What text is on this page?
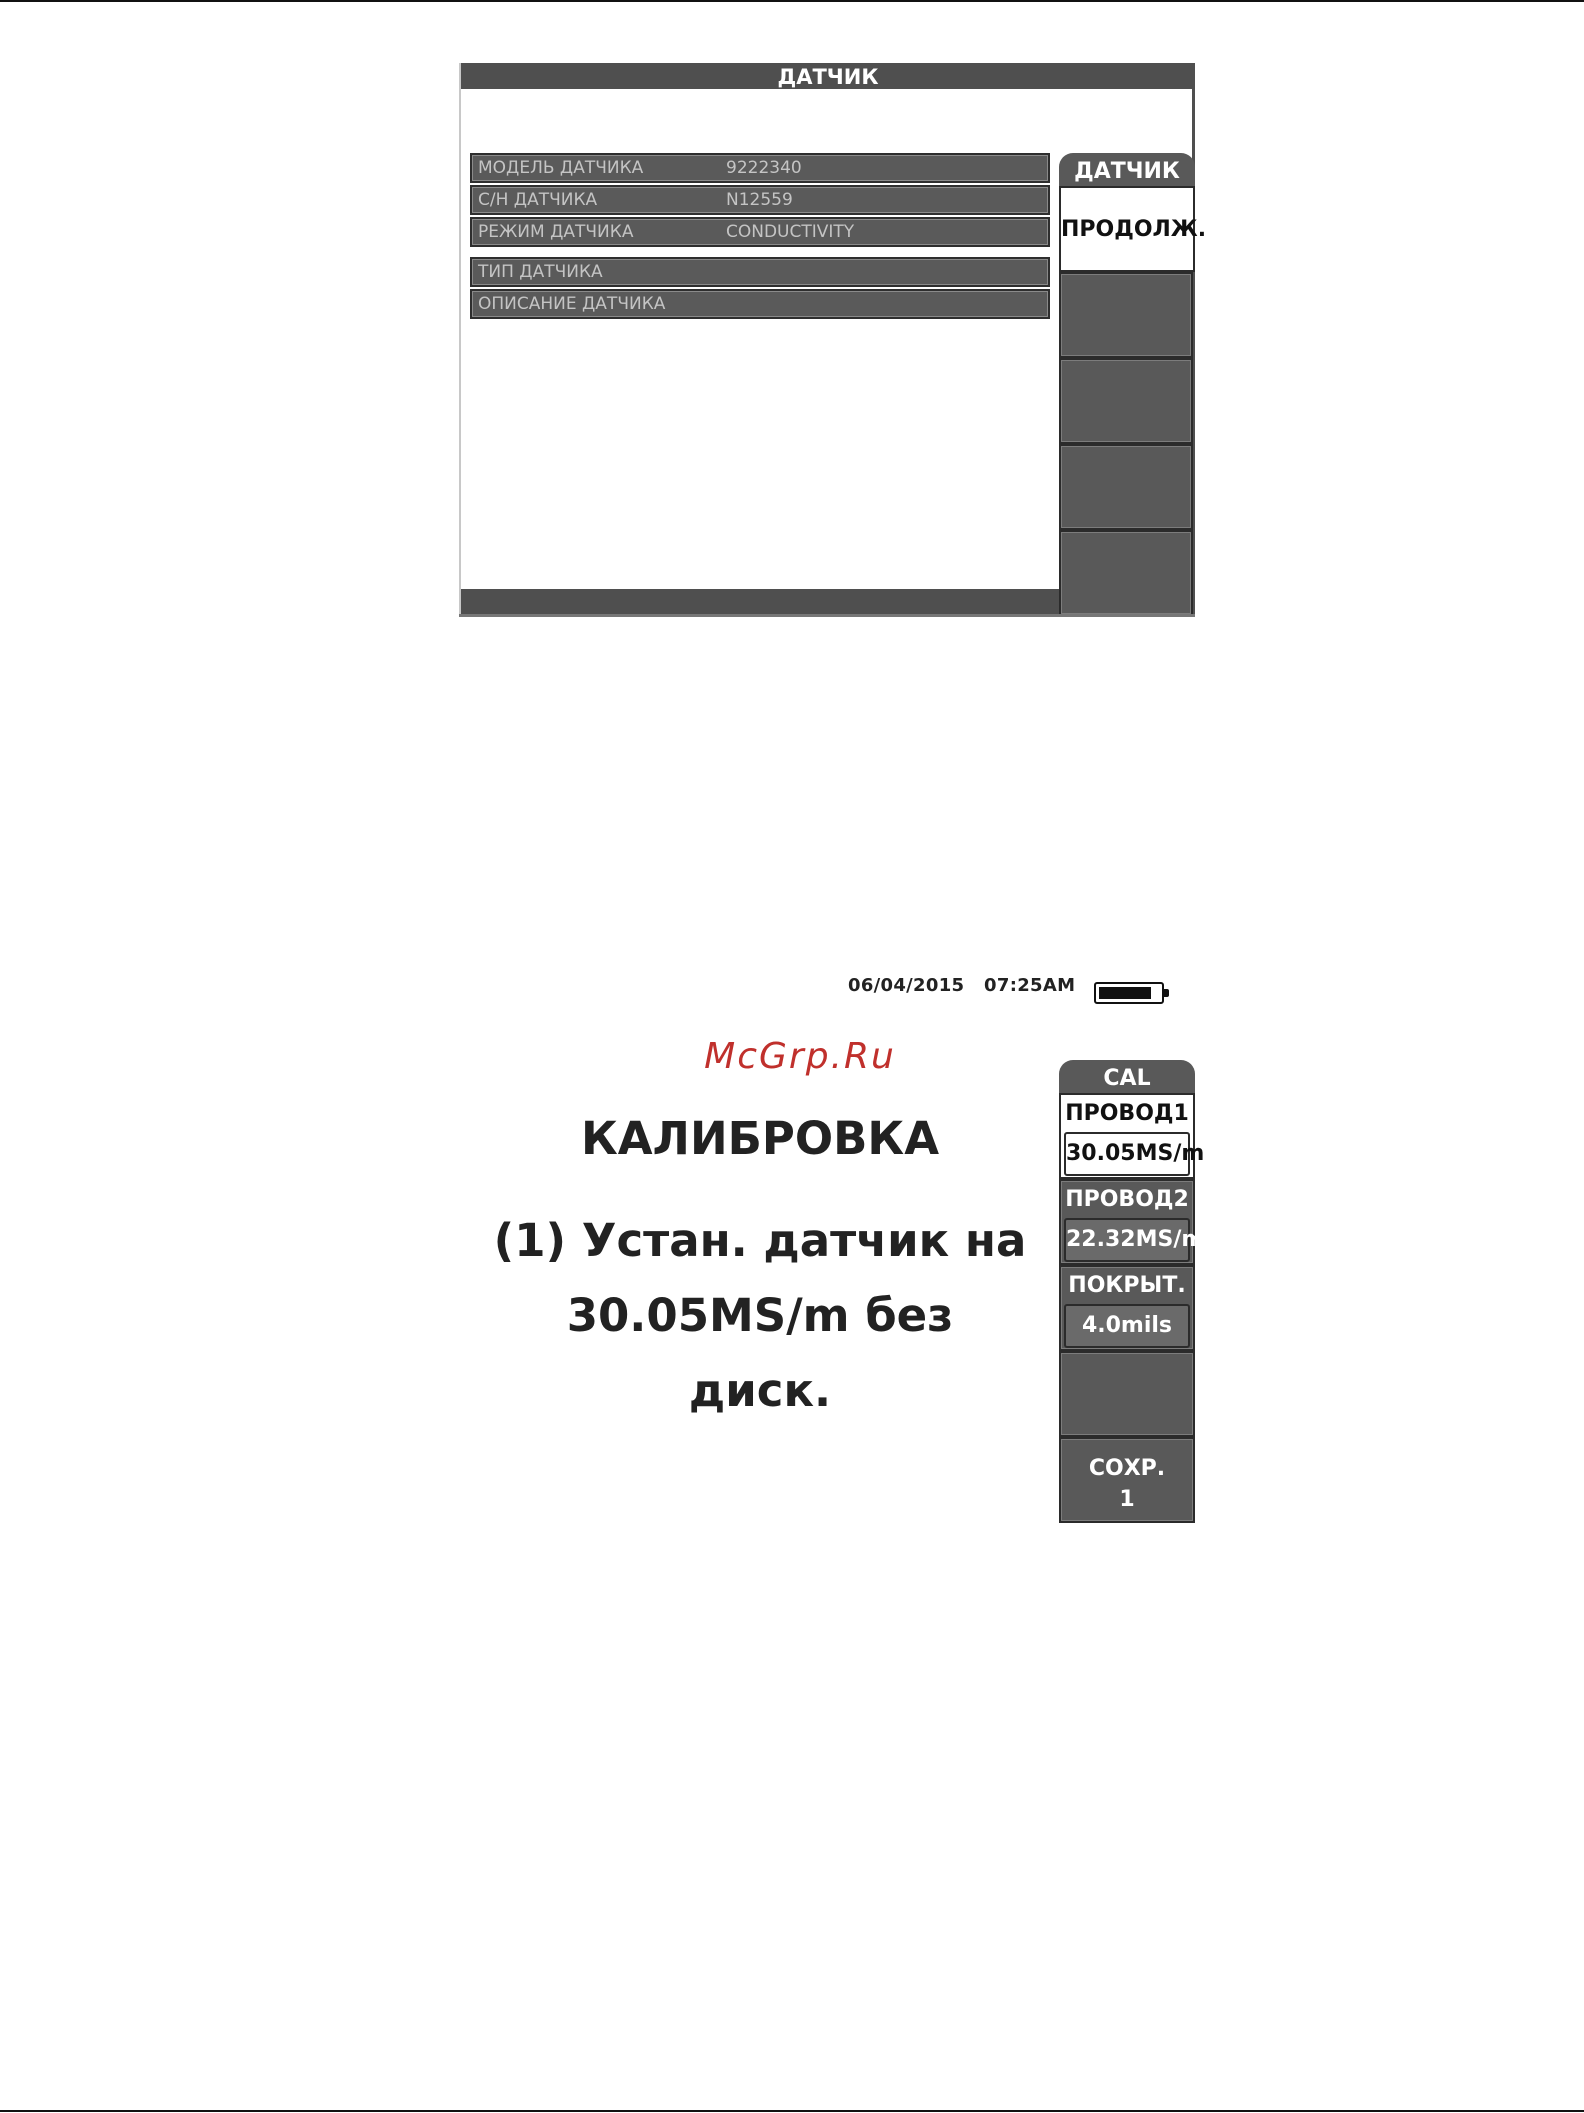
ДАТЧИК
МОДЕЛЬ ДАТЧИКА	9222340
С/Н ДАТЧИКА	N12559
РЕЖИМ ДАТЧИКА	CONDUCTIVITY
ТИП ДАТЧИКА
ОПИСАНИЕ ДАТЧИКА
ДАТЧИК
ПРОДОЛЖ.
06/04/2015 07:25AM
McGrp.Ru
КАЛИБРОВКА
(1) Устан. датчик на
30.05MS/m без
диск.
CAL
ПРОВОД1
30.05MS/m
ПРОВОД2
22.32MS/m
ПОКРЫТ.
4.0mils
СОХР.
1
